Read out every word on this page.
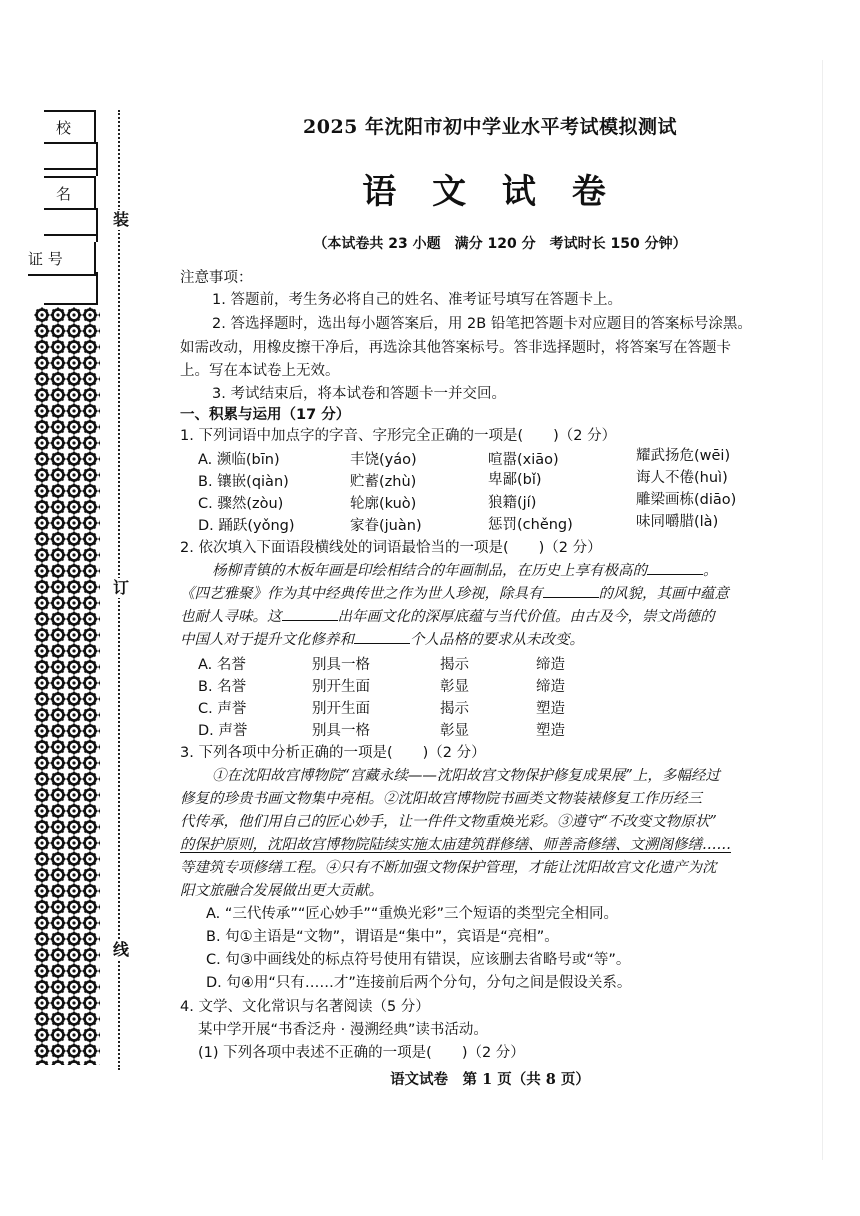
校
名
证 号
装
订
线
2025 年沈阳市初中学业水平考试模拟测试
语 文 试 卷
（本试卷共 23 小题　满分 120 分　考试时长 150 分钟）
注意事项：
1. 答题前，考生务必将自己的姓名、准考证号填写在答题卡上。
2. 答选择题时，选出每小题答案后，用 2B 铅笔把答题卡对应题目的答案标号涂黑。
如需改动，用橡皮擦干净后，再选涂其他答案标号。答非选择题时，将答案写在答题卡
上。写在本试卷上无效。
3. 考试结束后，将本试卷和答题卡一并交回。
一、积累与运用（17 分）
1. 下列词语中加点字的字音、字形完全正确的一项是( )（2 分）
A. 濒临(bīn)	丰饶(yáo)	喧嚣(xiāo)	耀武扬危(wēi)
B. 镶嵌(qiàn)	贮蓄(zhù)	卑鄙(bǐ)	诲人不倦(huì)
C. 骤然(zòu)	轮廓(kuò)	狼籍(jí)	雕梁画栋(diāo)
D. 踊跃(yǒng)	家眷(juàn)	惩罚(chěng)	味同嚼腊(là)
2. 依次填入下面语段横线处的词语最恰当的一项是( )（2 分）
杨柳青镇的木板年画是印绘相结合的年画制品，在历史上享有极高的	。
《四艺雅聚》作为其中经典传世之作为世人珍视，除具有	的风貌，其画中蕴意
也耐人寻味。这	出年画文化的深厚底蕴与当代价值。由古及今，崇文尚德的
中国人对于提升文化修养和	个人品格的要求从未改变。
A. 名誉	别具一格	揭示	缔造
B. 名誉	别开生面	彰显	缔造
C. 声誉	别开生面	揭示	塑造
D. 声誉	别具一格	彰显	塑造
3. 下列各项中分析正确的一项是( )（2 分）
①在沈阳故宫博物院“宫藏永续——沈阳故宫文物保护修复成果展”上，多幅经过
修复的珍贵书画文物集中亮相。②沈阳故宫博物院书画类文物装裱修复工作历经三
代传承，他们用自己的匠心妙手，让一件件文物重焕光彩。③遵守“不改变文物原状”
的保护原则，沈阳故宫博物院陆续实施太庙建筑群修缮、师善斋修缮、文溯阁修缮……
等建筑专项修缮工程。④只有不断加强文物保护管理，才能让沈阳故宫文化遗产为沈
阳文旅融合发展做出更大贡献。
A. “三代传承”“匠心妙手”“重焕光彩”三个短语的类型完全相同。
B. 句①主语是“文物”，谓语是“集中”，宾语是“亮相”。
C. 句③中画线处的标点符号使用有错误，应该删去省略号或“等”。
D. 句④用“只有……才”连接前后两个分句，分句之间是假设关系。
4. 文学、文化常识与名著阅读（5 分）
某中学开展“书香泛舟 · 漫溯经典”读书活动。
(1) 下列各项中表述不正确的一项是( )（2 分）
语文试卷　第 1 页（共 8 页）
